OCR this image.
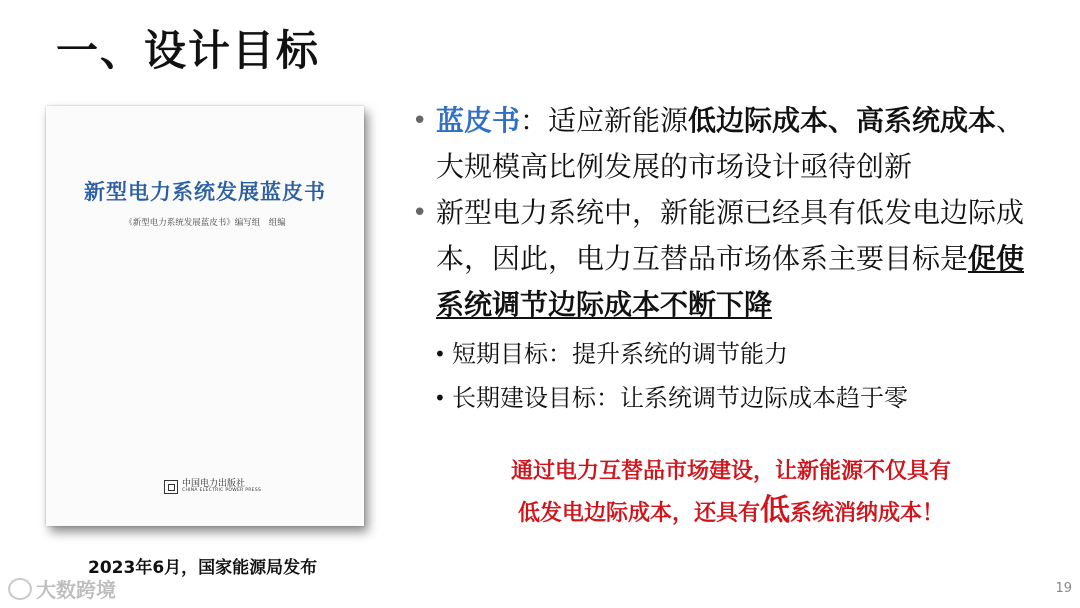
一、设计目标
新型电力系统发展蓝皮书
《新型电力系统发展蓝皮书》编写组　组编
中国电力出版社
CHINA ELECTRIC POWER PRESS
2023年6月，国家能源局发布
• 蓝皮书：适应新能源低边际成本、高系统成本、大规模高比例发展的市场设计亟待创新
• 新型电力系统中，新能源已经具有低发电边际成本，因此，电力互替品市场体系主要目标是促使系统调节边际成本不断下降
• 短期目标：提升系统的调节能力
• 长期建设目标：让系统调节边际成本趋于零
通过电力互替品市场建设，让新能源不仅具有
低发电边际成本，还具有低系统消纳成本！
大数跨境	19
